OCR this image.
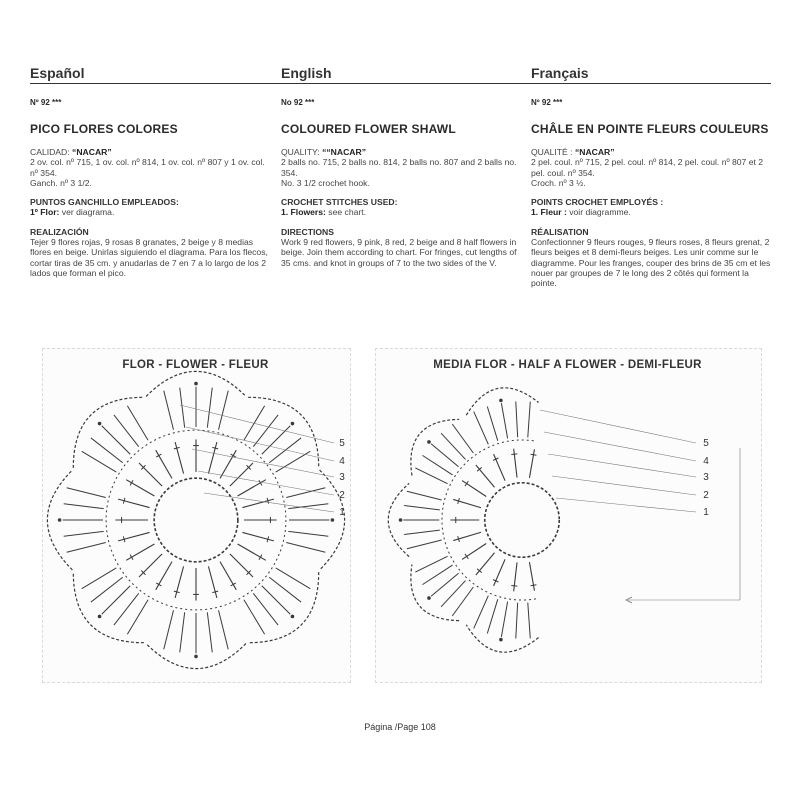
Español
Nº 92 ***
PICO FLORES COLORES
CALIDAD: “NACAR”
2 ov. col. nº 715, 1 ov. col. nº 814, 1 ov. col. nº 807 y 1 ov. col. nº 354.
Ganch. nº 3 1/2.
PUNTOS GANCHILLO EMPLEADOS:
1º Flor: ver diagrama.
REALIZACIÓN
Tejer 9 flores rojas, 9 rosas 8 granates, 2 beige y 8 medias flores en beige. Unirlas siguiendo el diagrama. Para los flecos, cortar tiras de 35 cm. y anudarlas de 7 en 7 a lo largo de los 2 lados que forman el pico.
English
No 92 ***
COLOURED FLOWER SHAWL
QUALITY: ““NACAR”
2 balls no. 715, 2 balls no. 814, 2 balls no. 807 and 2 balls no. 354.
No. 3 1/2 crochet hook.
CROCHET STITCHES USED:
1. Flowers: see chart.
DIRECTIONS
Work 9 red flowers, 9 pink, 8 red, 2 beige and 8 half flowers in beige. Join them according to chart. For fringes, cut lengths of 35 cms. and knot in groups of 7 to the two sides of the V.
Français
Nº 92 ***
CHÂLE EN POINTE FLEURS COULEURS
QUALITÉ : “NACAR”
2 pel. coul. nº 715, 2 pel. coul. nº 814, 2 pel. coul. nº 807 et 2 pel. coul. nº 354.
Croch. nº 3 ½.
POINTS CROCHET EMPLOYÉS :
1. Fleur : voir diagramme.
RÉALISATION
Confectionner 9 fleurs rouges, 9 fleurs roses, 8 fleurs grenat, 2 fleurs beiges et 8 demi-fleurs beiges. Les unir comme sur le diagramme. Pour les franges, couper des brins de 35 cm et les nouer par groupes de 7 le long des 2 côtés qui forment la pointe.
FLOR - FLOWER - FLEUR	MEDIA FLOR - HALF A FLOWER - DEMI-FLEUR
5	5
4	4
3	3
2	2
1	1
Página /Page 108
